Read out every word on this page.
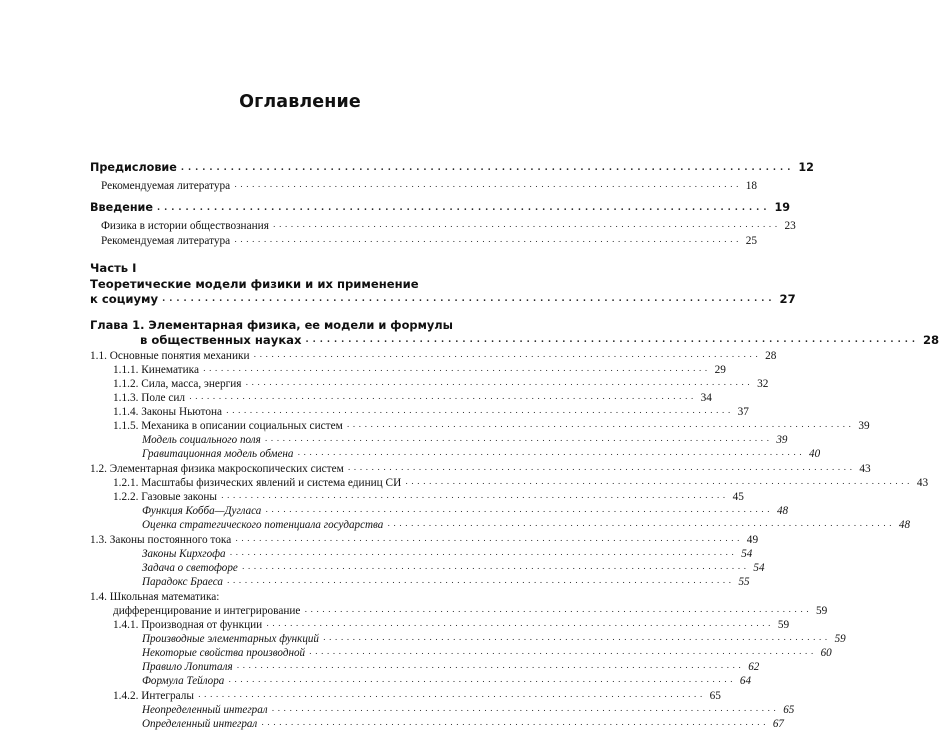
Оглавление
Предисловие ...................................................................................... 12
Рекомендуемая литература ...................................................................................... 18
Введение ...................................................................................... 19
Физика в истории обществознания ...................................................................................... 23
Рекомендуемая литература ...................................................................................... 25
Часть I
Теоретические модели физики и их применение
к социуму ...................................................................................... 27
Глава 1. Элементарная физика, ее модели и формулы
в общественных науках ...................................................................................... 28
1.1. Основные понятия механики ...................................................................................... 28
1.1.1. Кинематика ...................................................................................... 29
1.1.2. Сила, масса, энергия ...................................................................................... 32
1.1.3. Поле сил ...................................................................................... 34
1.1.4. Законы Ньютона ...................................................................................... 37
1.1.5. Механика в описании социальных систем ...................................................................................... 39
Модель социального поля ...................................................................................... 39
Гравитационная модель обмена ...................................................................................... 40
1.2. Элементарная физика макроскопических систем ...................................................................................... 43
1.2.1. Масштабы физических явлений и система единиц СИ ...................................................................................... 43
1.2.2. Газовые законы ...................................................................................... 45
Функция Кобба—Дугласа ...................................................................................... 48
Оценка стратегического потенциала государства ...................................................................................... 48
1.3. Законы постоянного тока ...................................................................................... 49
Законы Кирхгофа ...................................................................................... 54
Задача о светофоре ...................................................................................... 54
Парадокс Браеса ...................................................................................... 55
1.4. Школьная математика:
дифференцирование и интегрирование ...................................................................................... 59
1.4.1. Производная от функции ...................................................................................... 59
Производные элементарных функций ...................................................................................... 59
Некоторые свойства производной ...................................................................................... 60
Правило Лопиталя ...................................................................................... 62
Формула Тейлора ...................................................................................... 64
1.4.2. Интегралы ...................................................................................... 65
Неопределенный интеграл ...................................................................................... 65
Определенный интеграл ...................................................................................... 67
